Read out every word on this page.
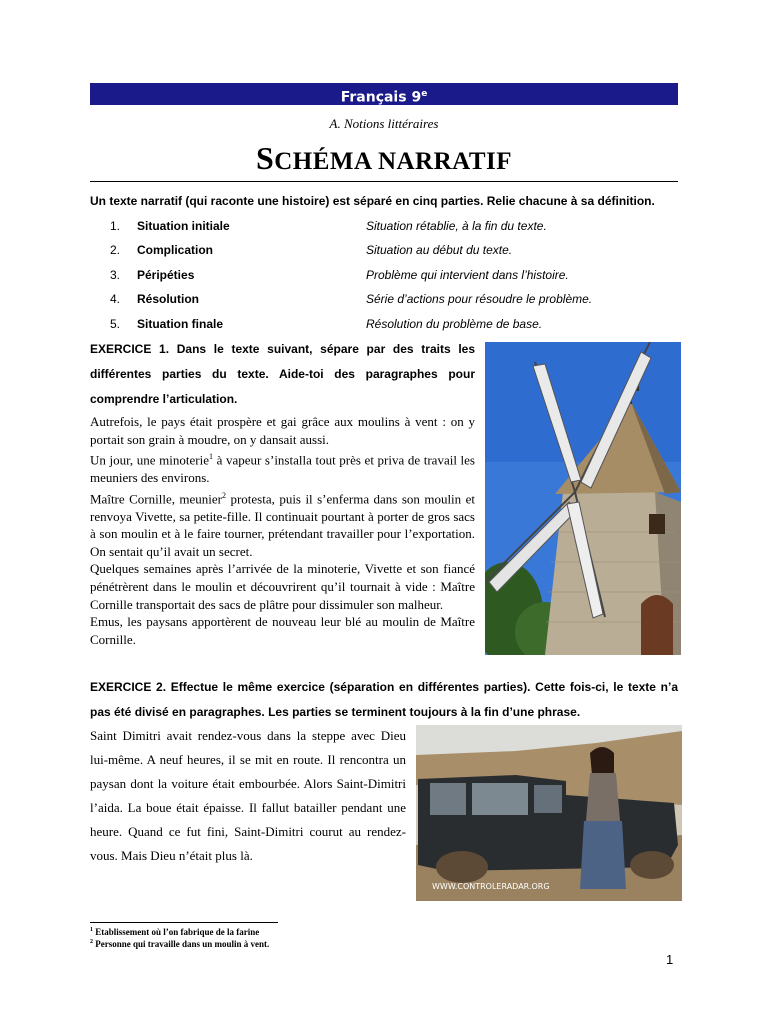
Français 9e
A. Notions littéraires
SCHÉMA NARRATIF
Un texte narratif (qui raconte une histoire) est séparé en cinq parties. Relie chacune à sa définition.
1. Situation initiale	Situation rétablie, à la fin du texte.
2. Complication	Situation au début du texte.
3. Péripéties	Problème qui intervient dans l’histoire.
4. Résolution	Série d’actions pour résoudre le problème.
5. Situation finale	Résolution du problème de base.
EXERCICE 1. Dans le texte suivant, sépare par des traits les différentes parties du texte. Aide-toi des paragraphes pour comprendre l’articulation.

Autrefois, le pays était prospère et gai grâce aux moulins à vent : on y portait son grain à moudre, on y dansait aussi.

Un jour, une minoterie$^1$ à vapeur s’installa tout près et priva de travail les meuniers des environs.

Maître Cornille, meunier$^2$ protesta, puis il s’enferma dans son moulin et renvoya Vivette, sa petite-fille. Il continuait pourtant à porter de gros sacs à son moulin et à le faire tourner, prétendant travailler pour l’exportation. On sentait qu’il avait un secret.

Quelques semaines après l’arrivée de la minoterie, Vivette et son fiancé pénétrèrent dans le moulin et découvrirent qu’il tournait à vide : Maître Cornille transportait des sacs de plâtre pour dissimuler son malheur.

Emus, les paysans apportèrent de nouveau leur blé au moulin de Maître Cornille.

EXERCICE 2. Effectue le même exercice (séparation en différentes parties). Cette fois-ci, le texte n’a pas été divisé en paragraphes. Les parties se terminent toujours à la fin d’une phrase.
Saint Dimitri avait rendez-vous dans la steppe avec Dieu lui-même. A neuf heures, il se mit en route. Il rencontra un paysan dont la voiture était embourbée. Alors Saint-Dimitri l’aida. La boue était épaisse. Il fallut batailler pendant une heure. Quand ce fut fini, Saint-Dimitri courut au rendez-vous. Mais Dieu n’était plus là.
WWW.CONTROLERADAR.ORG
$^1$ Etablissement où l’on fabrique de la farine
$^2$ Personne qui travaille dans un moulin à vent.
1
